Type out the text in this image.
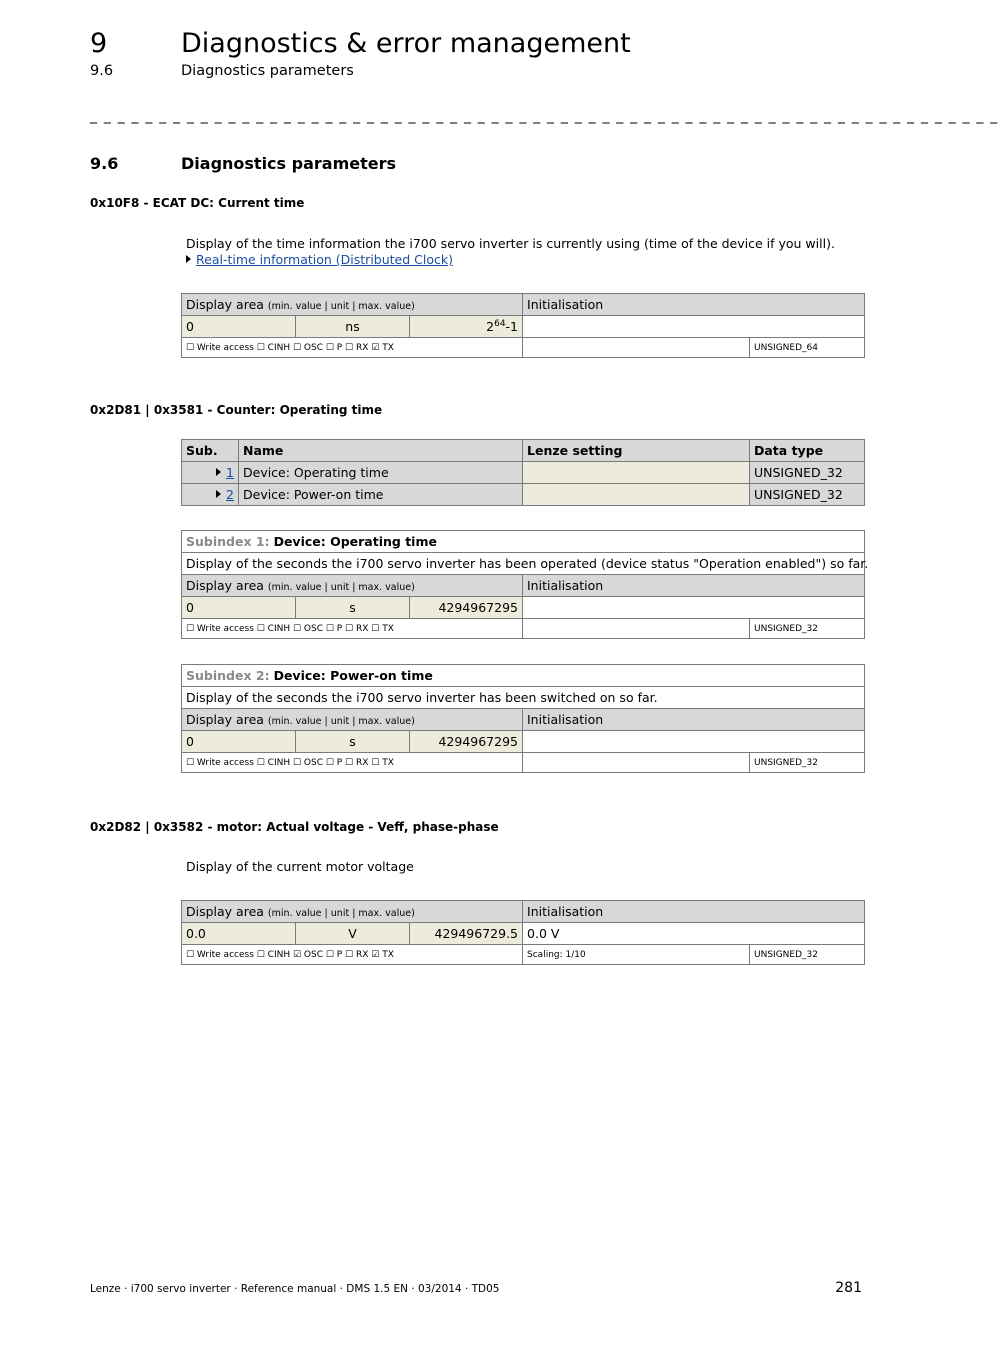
9	Diagnostics & error management
9.6	Diagnostics parameters
_ _ _ _ _ _ _ _ _ _ _ _ _ _ _ _ _ _ _ _ _ _ _ _ _ _ _ _ _ _ _ _ _ _ _ _ _ _ _ _ _ _ _ _ _ _ _ _ _ _ _ _ _ _ _ _ _ _ _ _ _ _ _ _ _ _
9.6	Diagnostics parameters
0x10F8 - ECAT DC: Current time
Display of the time information the i700 servo inverter is currently using (time of the device if you will).
Real-time information (Distributed Clock)
Display area (min. value | unit | max. value)			Initialisation	
0	ns	$2^{64}-1$		
☐ Write access ☐ CINH ☐ OSC ☐ P ☐ RX ☑ TX				UNSIGNED_64
0x2D81 | 0x3581 - Counter: Operating time
Sub.	Name	Lenze setting	Data type
1	Device: Operating time		UNSIGNED_32
2	Device: Power-on time		UNSIGNED_32
Subindex 1: Device: Operating time				
Display of the seconds the i700 servo inverter has been operated (device status "Operation enabled") so far.				
Display area (min. value | unit | max. value)			Initialisation	
0	s	4294967295		
☐ Write access ☐ CINH ☐ OSC ☐ P ☐ RX ☐ TX				UNSIGNED_32
Subindex 2: Device: Power-on time				
Display of the seconds the i700 servo inverter has been switched on so far.				
Display area (min. value | unit | max. value)			Initialisation	
0	s	4294967295		
☐ Write access ☐ CINH ☐ OSC ☐ P ☐ RX ☐ TX				UNSIGNED_32
0x2D82 | 0x3582 - motor: Actual voltage - Veff, phase-phase
Display of the current motor voltage
Display area (min. value | unit | max. value)			Initialisation	
0.0	V	429496729.5	0.0 V	
☐ Write access ☐ CINH ☑ OSC ☐ P ☐ RX ☑ TX			Scaling: 1/10	UNSIGNED_32
Lenze · i700 servo inverter · Reference manual · DMS 1.5 EN · 03/2014 · TD05	281
